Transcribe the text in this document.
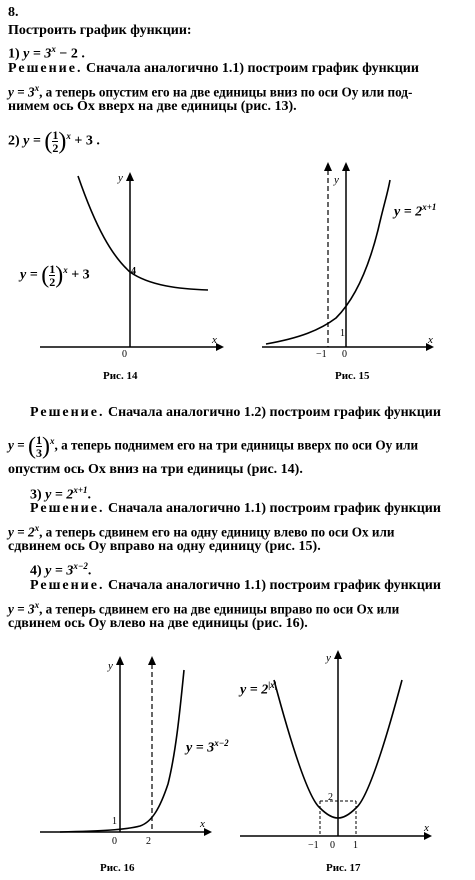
8.
Построить график функции:
1) $y = 3^x - 2$ .
Решение. Сначала аналогично 1.1) построим график функции
$y = 3^x$, а теперь опустим его на две единицы вниз по оси Oy или под-
нимем ось Ox вверх на две единицы (рис. 13).
2) y = ( $\frac{1}{2} )^x + 3$ .
y
x
4
0
y = ( $\frac{1}{2} )^x + 3$
Рис. 14
y
x
1
−1 0
$y = 2^{x+1}$
Рис. 15
Решение. Сначала аналогично 1.2) построим график функции
y = ( $\frac{1}{3} )^x$, а теперь поднимем его на три единицы вверх по оси Oy или
опустим ось Ox вниз на три единицы (рис. 14).
3) $y = 2^{x+1}$.
Решение. Сначала аналогично 1.1) построим график функции
$y = 2^x$, а теперь сдвинем его на одну единицу влево по оси Ox или
сдвинем ось Oy вправо на одну единицу (рис. 15).
4) $y = 3^{x-2}$.
Решение. Сначала аналогично 1.1) построим график функции
$y = 3^x$, а теперь сдвинем его на две единицы вправо по оси Ox или
сдвинем ось Oy влево на две единицы (рис. 16).
y
x
1
2
0
$y = 3^{x-2}$
Рис. 16
y
x
2
−1	1
0
$y = 2^{|x|}$
Рис. 17
